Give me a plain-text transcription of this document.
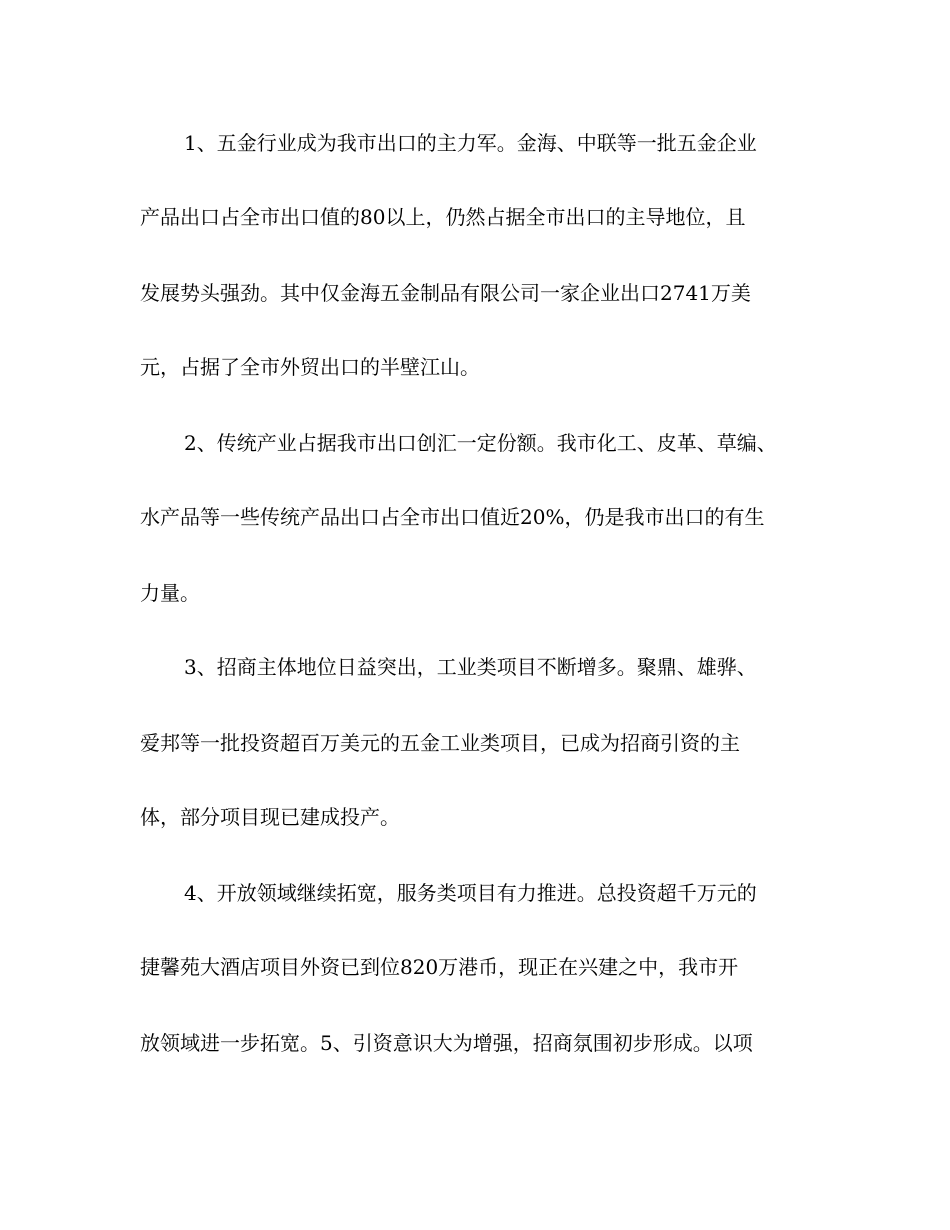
1、五金行业成为我市出口的主力军。金海、中联等一批五金企业
产品出口占全市出口值的80以上，仍然占据全市出口的主导地位，且
发展势头强劲。其中仅金海五金制品有限公司一家企业出口2741万美
元，占据了全市外贸出口的半壁江山。
2、传统产业占据我市出口创汇一定份额。我市化工、皮革、草编、
水产品等一些传统产品出口占全市出口值近20%，仍是我市出口的有生
力量。
3、招商主体地位日益突出，工业类项目不断增多。聚鼎、雄骅、
爱邦等一批投资超百万美元的五金工业类项目，已成为招商引资的主
体，部分项目现已建成投产。
4、开放领域继续拓宽，服务类项目有力推进。总投资超千万元的
捷馨苑大酒店项目外资已到位820万港币，现正在兴建之中，我市开
放领域进一步拓宽。5、引资意识大为增强，招商氛围初步形成。以项
